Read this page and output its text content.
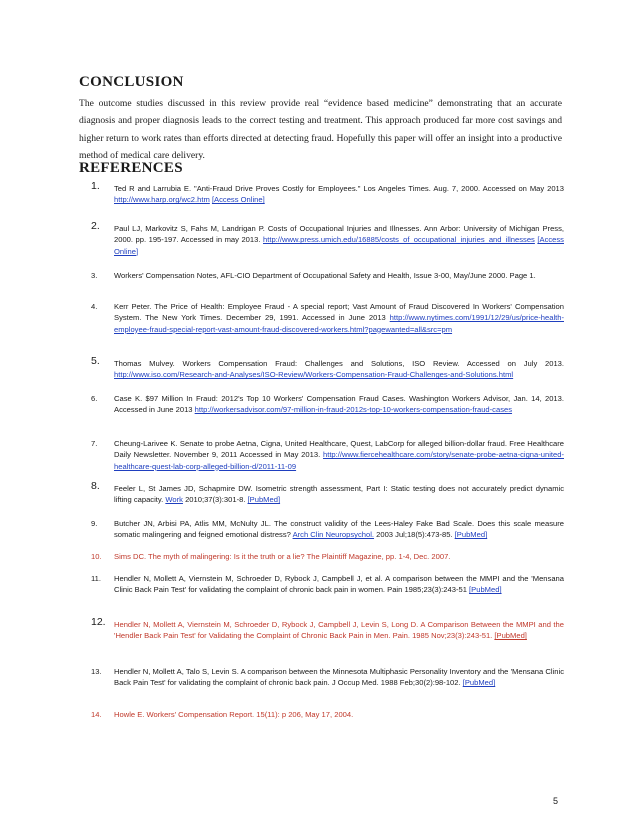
CONCLUSION
The outcome studies discussed in this review provide real “evidence based medicine” demonstrating that an accurate diagnosis and proper diagnosis leads to the correct testing and treatment. This approach produced far more cost savings and higher return to work rates than efforts directed at detecting fraud. Hopefully this paper will offer an insight into a productive method of medical care delivery.
REFERENCES
1. Ted R and Larrubia E. "Anti-Fraud Drive Proves Costly for Employees." Los Angeles Times. Aug. 7, 2000. Accessed on May 2013 http://www.harp.org/wc2.htm [Access Online]
2. Paul LJ, Markovitz S, Fahs M, Landrigan P. Costs of Occupational Injuries and Illnesses. Ann Arbor: University of Michigan Press, 2000. pp. 195-197. Accessed in may 2013. http://www.press.umich.edu/16885/costs_of_occupational_injuries_and_illnesses [Access Online]
3. Workers' Compensation Notes, AFL-CIO Department of Occupational Safety and Health, Issue 3-00, May/June 2000. Page 1.
4. Kerr Peter. The Price of Health: Employee Fraud - A special report; Vast Amount of Fraud Discovered In Workers' Compensation System. The New York Times. December 29, 1991. Accessed in June 2013 http://www.nytimes.com/1991/12/29/us/price-health-employee-fraud-special-report-vast-amount-fraud-discovered-workers.html?pagewanted=all&src=pm
5. Thomas Mulvey. Workers Compensation Fraud: Challenges and Solutions, ISO Review. Accessed on July 2013. http://www.iso.com/Research-and-Analyses/ISO-Review/Workers-Compensation-Fraud-Challenges-and-Solutions.html
6. Case K. $97 Million In Fraud: 2012's Top 10 Workers' Compensation Fraud Cases. Washington Workers Advisor, Jan. 14, 2013. Accessed in June 2013 http://workersadvisor.com/97-million-in-fraud-2012s-top-10-workers-compensation-fraud-cases
7. Cheung-Larivee K. Senate to probe Aetna, Cigna, United Healthcare, Quest, LabCorp for alleged billion-dollar fraud. Free Healthcare Daily Newsletter. November 9, 2011 Accessed in May 2013. http://www.fiercehealthcare.com/story/senate-probe-aetna-cigna-united-healthcare-quest-lab-corp-alleged-billion-d/2011-11-09
8. Feeler L, St James JD, Schapmire DW. Isometric strength assessment, Part I: Static testing does not accurately predict dynamic lifting capacity. Work 2010;37(3):301-8. [PubMed]
9. Butcher JN, Arbisi PA, Atlis MM, McNulty JL. The construct validity of the Lees-Haley Fake Bad Scale. Does this scale measure somatic malingering and feigned emotional distress? Arch Clin Neuropsychol. 2003 Jul;18(5):473-85. [PubMed]
10. Sims DC. The myth of malingering: Is it the truth or a lie? The Plaintiff Magazine, pp. 1-4, Dec. 2007.
11. Hendler N, Mollett A, Viernstein M, Schroeder D, Rybock J, Campbell J, et al. A comparison between the MMPI and the 'Mensana Clinic Back Pain Test' for validating the complaint of chronic back pain in women. Pain 1985;23(3):243-51 [PubMed]
12. Hendler N, Mollett A, Viernstein M, Schroeder D, Rybock J, Campbell J, Levin S, Long D. A Comparison Between the MMPI and the 'Hendler Back Pain Test' for Validating the Complaint of Chronic Back Pain in Men. Pain. 1985 Nov;23(3):243-51. [PubMed]
13. Hendler N, Mollett A, Talo S, Levin S. A comparison between the Minnesota Multiphasic Personality Inventory and the 'Mensana Clinic Back Pain Test' for validating the complaint of chronic back pain. J Occup Med. 1988 Feb;30(2):98-102. [PubMed]
14. Howle E. Workers' Compensation Report. 15(11): p 206, May 17, 2004.
5
